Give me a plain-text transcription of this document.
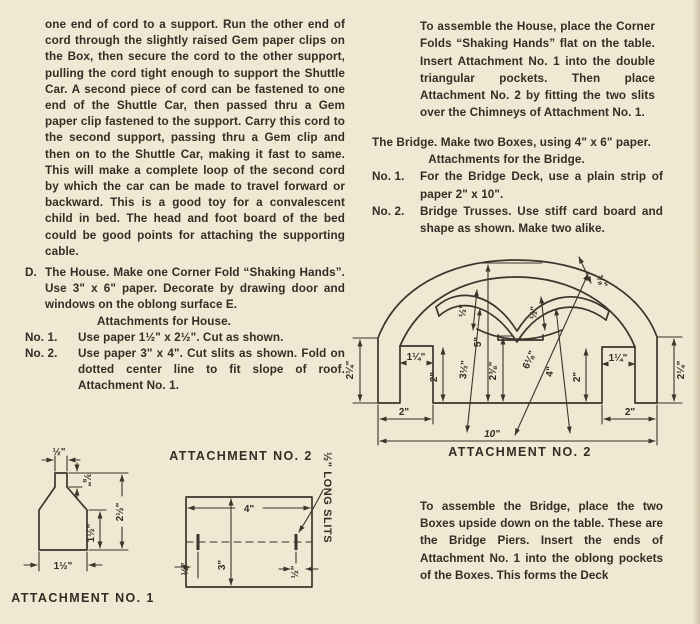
one end of cord to a support. Run the other end of cord through the slightly raised Gem paper clips on the Box, then secure the cord to the other support, pulling the cord tight enough to support the Shuttle Car. A second piece of cord can be fastened to one end of the Shuttle Car, then passed thru a Gem paper clip fastened to the support. Carry this cord to the second support, passing thru a Gem clip and then on to the Shuttle Car, making it fast to same. This will make a complete loop of the second cord by which the car can be made to travel forward or backward. This is a good toy for a convalescent child in bed. The head and foot board of the bed could be good points for attaching the supporting cable.

D. The House. Make one Corner Fold “Shaking Hands”. Use 3" x 6" paper. Decorate by drawing door and windows on the oblong surface E.

Attachments for House.

No. 1.	Use paper 1½" x 2½". Cut as shown.
No. 2.	Use paper 3" x 4". Cut slits as shown. Fold on dotted center line to fit slope of roof. Attachment No. 1.

To assemble the House, place the Corner Folds “Shaking Hands” flat on the table. Insert Attachment No. 1 into the double triangular pockets. Then place Attachment No. 2 by fitting the two slits over the Chimneys of Attachment No. 1.

The Bridge. Make two Boxes, using 4" x 6" paper.

Attachments for the Bridge.

No. 1.	For the Bridge Deck, use a plain strip of paper 2" x 10".
No. 2.	Bridge Trusses. Use stiff card board and shape as shown. Make two alike.

To assemble the Bridge, place the two Boxes upside down on the table. These are the Bridge Piers. Insert the ends of Attachment No. 1 into the oblong pockets of the Boxes. This forms the Deck

½"
⅜"
1½"
2½"
1½"
ATTACHMENT NO. 1
4"
3"
½"	½"
ATTACHMENT NO. 2 ½" LONG SLITS
2¼"	2¼"
1¼"	1¼"
2"	2"
2⅜"
5"
3½"	6⅛"
4"
⅜"
½"	½"
2"	2"
10"
ATTACHMENT NO. 2
